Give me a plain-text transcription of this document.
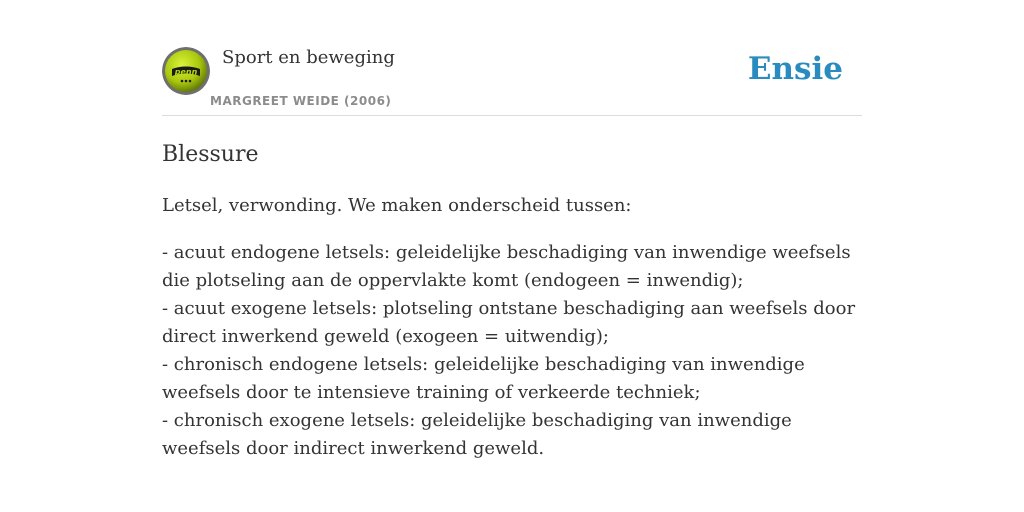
penn
Sport en beweging
MARGREET WEIDE (2006)
Ensie
Blessure

Letsel, verwonding. We maken onderscheid tussen:

- acuut endogene letsels: geleidelijke beschadiging van inwendige weefsels die plotseling aan de oppervlakte komt (endogeen = inwendig);
- acuut exogene letsels: plotseling ontstane beschadiging aan weefsels door direct inwerkend geweld (exogeen = uitwendig);
- chronisch endogene letsels: geleidelijke beschadiging van inwendige weefsels door te intensieve training of verkeerde techniek;
- chronisch exogene letsels: geleidelijke beschadiging van inwendige weefsels door indirect inwerkend geweld.
